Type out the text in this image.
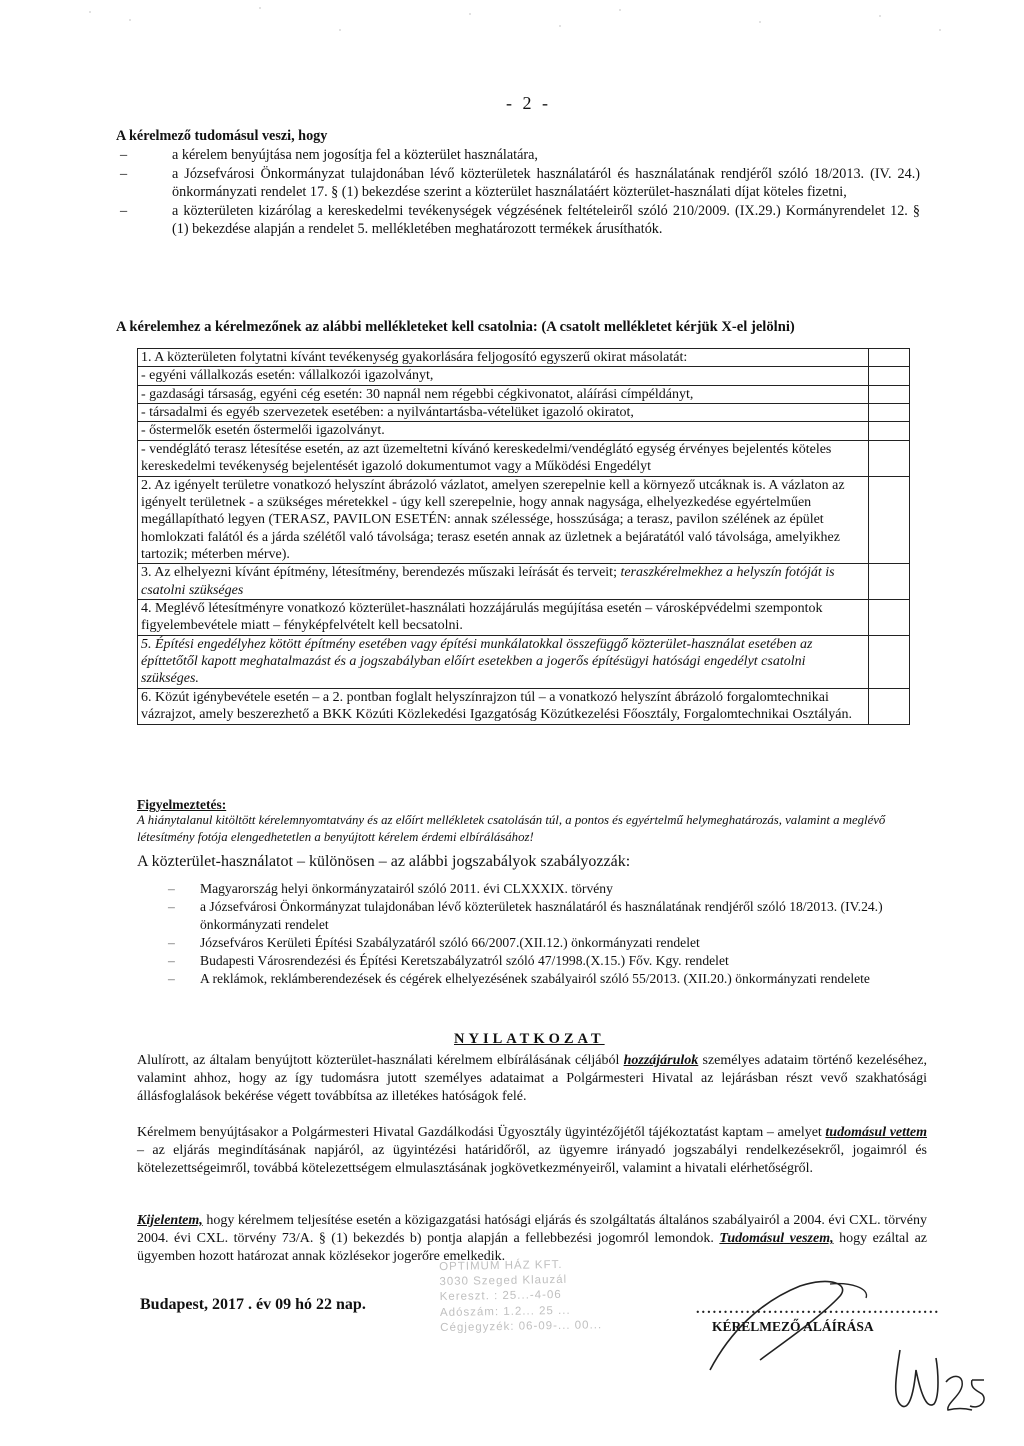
- 2 -
A kérelmező tudomásul veszi, hogy
–	a kérelem benyújtása nem jogosítja fel a közterület használatára,
–	a Józsefvárosi Önkormányzat tulajdonában lévő közterületek használatáról és használatának rendjéről szóló 18/2013. (IV. 24.) önkormányzati rendelet 17. § (1) bekezdése szerint a közterület használatáért közterület-használati díjat köteles fizetni,
–	a közterületen kizárólag a kereskedelmi tevékenységek végzésének feltételeiről szóló 210/2009. (IX.29.) Kormányrendelet 12. § (1) bekezdése alapján a rendelet 5. mellékletében meghatározott termékek árusíthatók.
A kérelemhez a kérelmezőnek az alábbi mellékleteket kell csatolnia: (A csatolt mellékletet kérjük X-el jelölni)
1. A közterületen folytatni kívánt tevékenység gyakorlására feljogosító egyszerű okirat másolatát:	
- egyéni vállalkozás esetén: vállalkozói igazolványt,	
- gazdasági társaság, egyéni cég esetén: 30 napnál nem régebbi cégkivonatot, aláírási címpéldányt,	
- társadalmi és egyéb szervezetek esetében: a nyilvántartásba-vételüket igazoló okiratot,	
- őstermelők esetén őstermelői igazolványt.	
- vendéglátó terasz létesítése esetén, az azt üzemeltetni kívánó kereskedelmi/vendéglátó egység érvényes bejelentés köteles kereskedelmi tevékenység bejelentését igazoló dokumentumot vagy a Működési Engedélyt	
2. Az igényelt területre vonatkozó helyszínt ábrázoló vázlatot, amelyen szerepelnie kell a környező utcáknak is. A vázlaton az igényelt területnek - a szükséges méretekkel - úgy kell szerepelnie, hogy annak nagysága, elhelyezkedése egyértelműen megállapítható legyen (TERASZ, PAVILON ESETÉN: annak szélessége, hosszúsága; a terasz, pavilon szélének az épület homlokzati falától és a járda szélétől való távolsága; terasz esetén annak az üzletnek a bejáratától való távolsága, amelyikhez tartozik; méterben mérve).	
3. Az elhelyezni kívánt építmény, létesítmény, berendezés műszaki leírását és terveit; teraszkérelmekhez a helyszín fotóját is csatolni szükséges	
4. Meglévő létesítményre vonatkozó közterület-használati hozzájárulás megújítása esetén – városképvédelmi szempontok figyelembevétele miatt – fényképfelvételt kell becsatolni.	
5. Építési engedélyhez kötött építmény esetében vagy építési munkálatokkal összefüggő közterület-használat esetében az építtetőtől kapott meghatalmazást és a jogszabályban előírt esetekben a jogerős építésügyi hatósági engedélyt csatolni szükséges.	
6. Közút igénybevétele esetén – a 2. pontban foglalt helyszínrajzon túl – a vonatkozó helyszínt ábrázoló forgalomtechnikai vázrajzot, amely beszerezhető a BKK Közúti Közlekedési Igazgatóság Közútkezelési Főosztály, Forgalomtechnikai Osztályán.	
Figyelmeztetés:
A hiánytalanul kitöltött kérelemnyomtatvány és az előírt mellékletek csatolásán túl, a pontos és egyértelmű helymeghatározás, valamint a meglévő létesítmény fotója elengedhetetlen a benyújtott kérelem érdemi elbírálásához!
A közterület-használatot – különösen – az alábbi jogszabályok szabályozzák:
– Magyarország helyi önkormányzatairól szóló 2011. évi CLXXXIX. törvény
– a Józsefvárosi Önkormányzat tulajdonában lévő közterületek használatáról és használatának rendjéről szóló 18/2013. (IV.24.) önkormányzati rendelet
– Józsefváros Kerületi Építési Szabályzatáról szóló 66/2007.(XII.12.) önkormányzati rendelet
– Budapesti Városrendezési és Építési Keretszabályzatról szóló 47/1998.(X.15.) Főv. Kgy. rendelet
– A reklámok, reklámberendezések és cégérek elhelyezésének szabályairól szóló 55/2013. (XII.20.) önkormányzati rendelete
NYILATKOZAT
Alulírott, az általam benyújtott közterület-használati kérelmem elbírálásának céljából hozzájárulok személyes adataim történő kezeléséhez, valamint ahhoz, hogy az így tudomásra jutott személyes adataimat a Polgármesteri Hivatal az lejárásban részt vevő szakhatósági állásfoglalások bekérése végett továbbítsa az illetékes hatóságok felé.
Kérelmem benyújtásakor a Polgármesteri Hivatal Gazdálkodási Ügyosztály ügyintézőjétől tájékoztatást kaptam – amelyet tudomásul vettem – az eljárás megindításának napjáról, az ügyintézési határidőről, az ügyemre irányadó jogszabályi rendelkezésekről, jogaimról és kötelezettségeimről, továbbá kötelezettségem elmulasztásának jogkövetkezményeiről, valamint a hivatali elérhetőségről.
Kijelentem, hogy kérelmem teljesítése esetén a közigazgatási hatósági eljárás és szolgáltatás általános szabályairól a 2004. évi CXL. törvény 2004. évi CXL. törvény 73/A. § (1) bekezdés b) pontja alapján a fellebbezési jogomról lemondok. Tudomásul veszem, hogy ezáltal az ügyemben hozott határozat annak közlésekor jogerőre emelkedik.
Budapest, 2017 . év 09 hó 22 nap.
OPTIMUM HÁZ KFT.
3030 Szeged Klauzál
Kereszt. : 25...-4-06
Adószám: 1.2... 25 ...
Cégjegyzék: 06-09-... 00...
............................................
KÉRELMEZŐ ALÁÍRÁSA
